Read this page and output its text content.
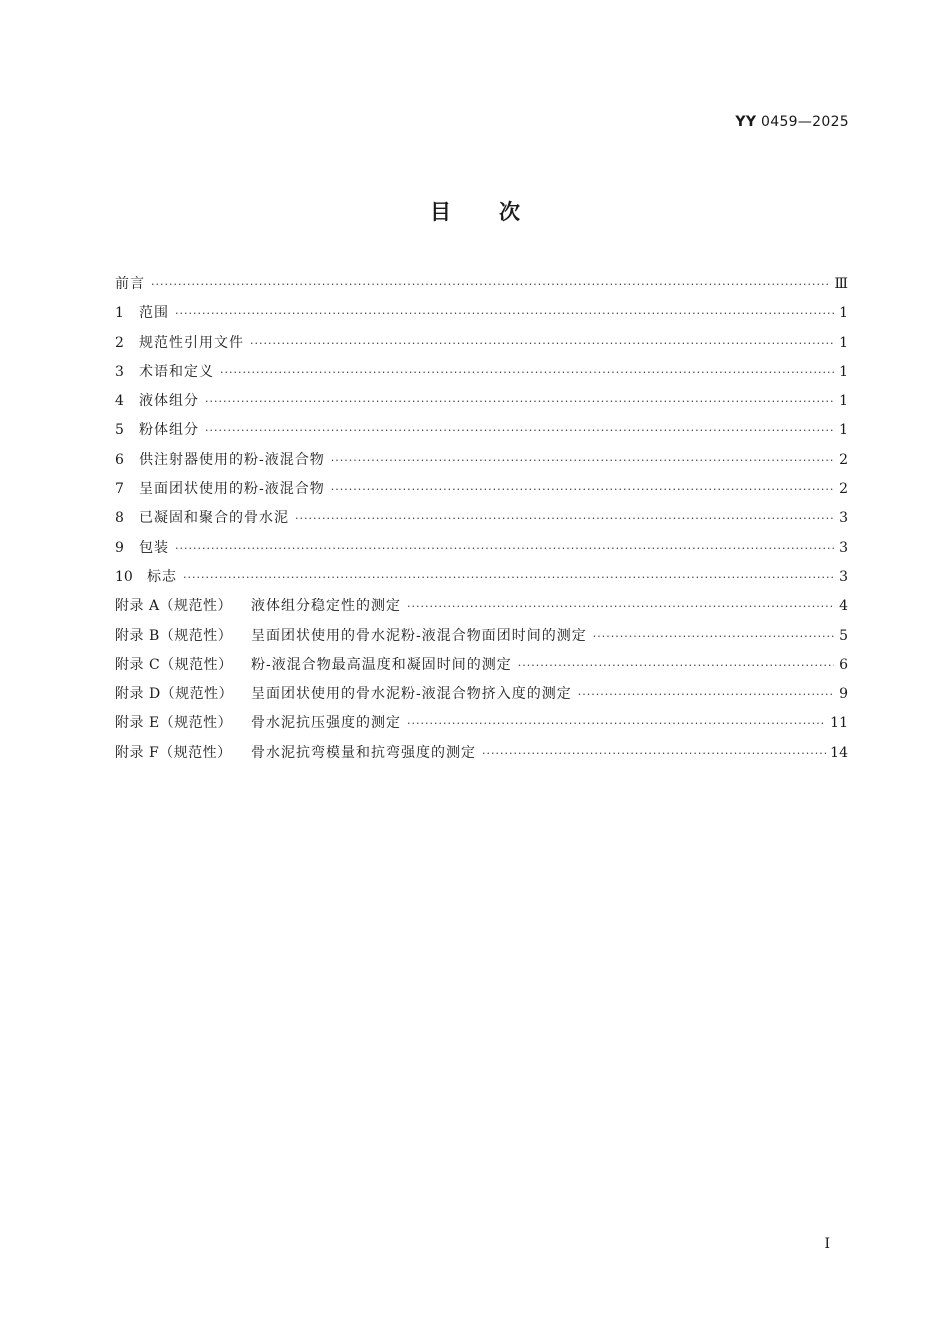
YY 0459—2025
目次
前言 ·····	Ⅲ
1	范围 ·····	1
2	规范性引用文件 ·····	1
3	术语和定义 ·····	1
4	液体组分 ·····	1
5	粉体组分 ·····	1
6	供注射器使用的粉-液混合物 ·····	2
7	呈面团状使用的粉-液混合物 ·····	2
8	已凝固和聚合的骨水泥 ·····	3
9	包装 ·····	3
10	标志 ·····	3
附录 A（规范性）	液体组分稳定性的测定 ·····	4
附录 B（规范性）	呈面团状使用的骨水泥粉-液混合物面团时间的测定 ·····	5
附录 C（规范性）	粉-液混合物最高温度和凝固时间的测定 ·····	6
附录 D（规范性）	呈面团状使用的骨水泥粉-液混合物挤入度的测定 ·····	9
附录 E（规范性）	骨水泥抗压强度的测定 ·····	11
附录 F（规范性）	骨水泥抗弯模量和抗弯强度的测定 ·····	14
I
